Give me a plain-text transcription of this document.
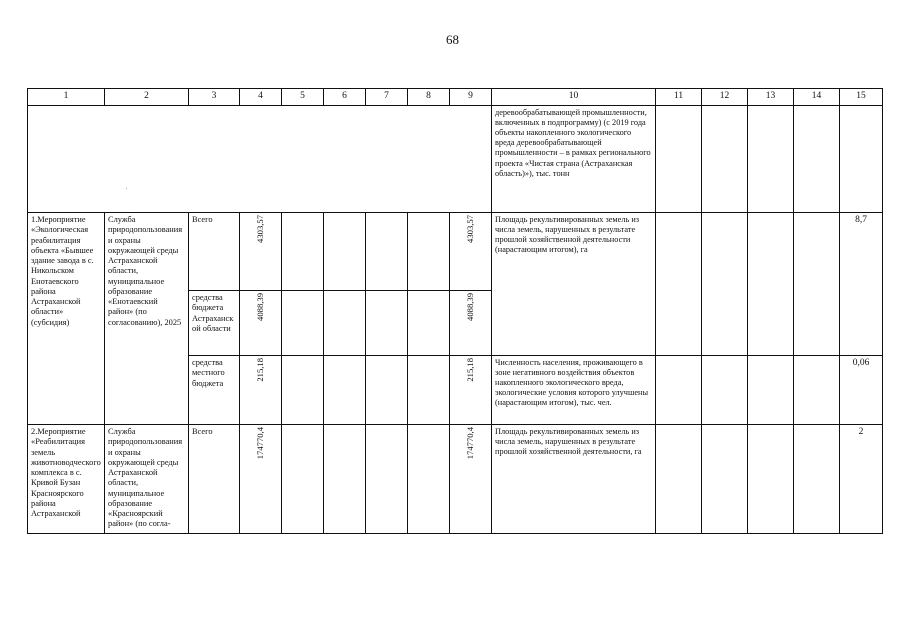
68
ʿ
1	2	3	4	5	6	7	8	9	10	11	12	13	14	15
									деревообрабатывающей промышленности, включенных в подпрограмму) (с 2019 года объекты накопленного экологического вреда деревообрабатывающей промышленности – в рамках регионального проекта «Чистая страна (Астраханская область)»), тыс. тонн					
1.Мероприятие «Экологическая реабилитация объекта «Бывшее здание завода в с. Никольском Енотаевского района Астраханской области» (субсидия)	Служба природопользования и охраны окружающей среды Астраханской области, муниципальное образование «Енотаевский район» (по согласованию), 2025	Всего	4303,57					4303,57	Площадь рекультивированных земель из числа земель, нарушенных в результате прошлой хозяйственной деятельности (нарастающим итогом), га					8,7
		средства бюджета Астраханской области	4088,39					4088,39						
		средства местного бюджета	215,18					215,18	Численность населения, проживающего в зоне негативного воздействия объектов накопленного экологического вреда, экологические условия которого улучшены (нарастающим итогом), тыс. чел.					0,06
2.Мероприятие «Реабилитация земель животноводческого комплекса в с. Кривой Бузан Красноярского района Астраханской	Служба природопользования и охраны окружающей среды Астраханской области, муниципальное образование «Красноярский район» (по согла-	Всего	174770,4					174770,4	Площадь рекультивированных земель из числа земель, нарушенных в результате прошлой хозяйственной деятельности, га					2
